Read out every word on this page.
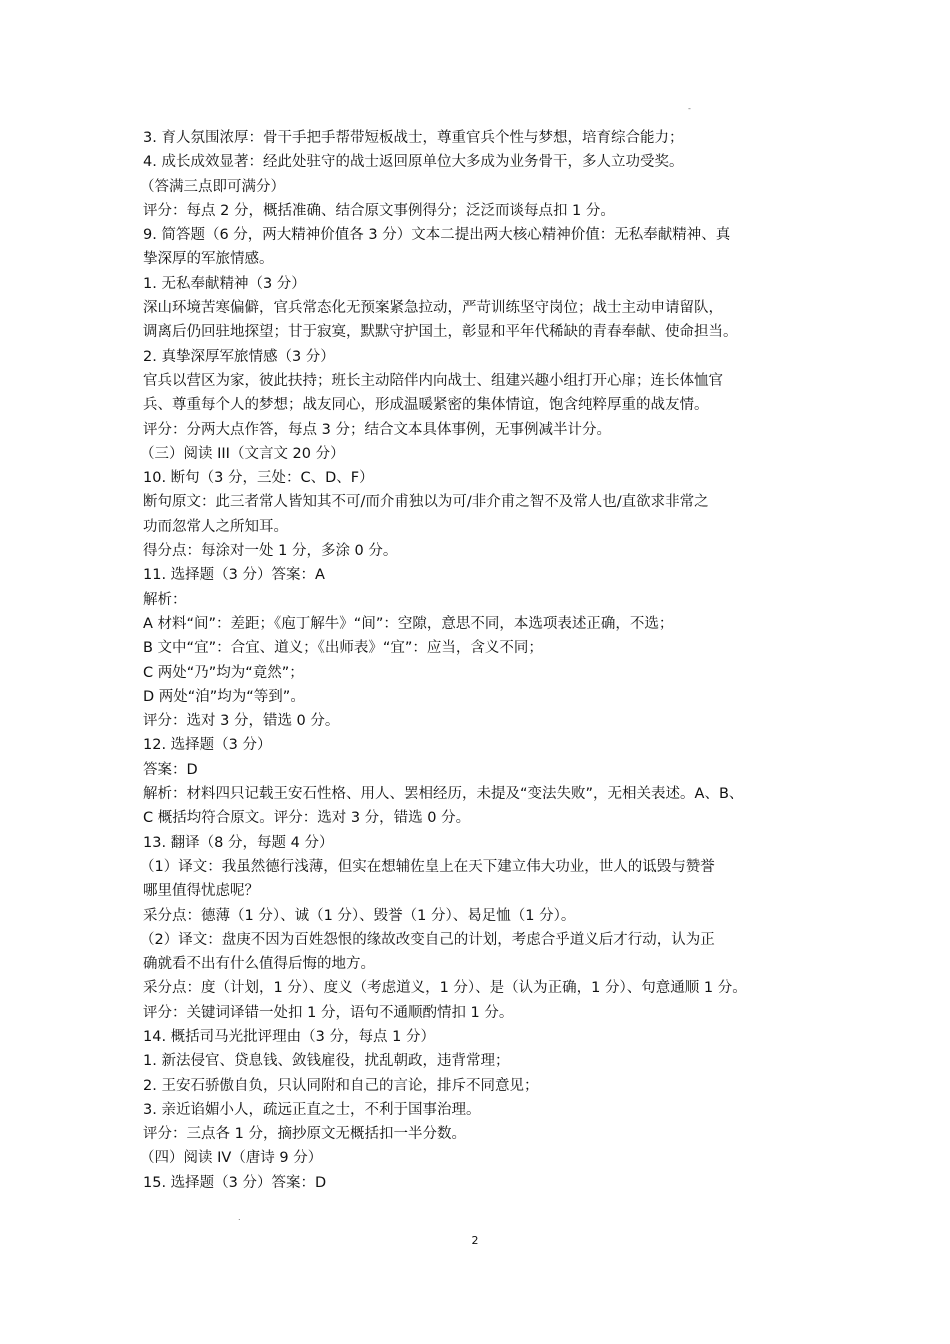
-
3. 育人氛围浓厚：骨干手把手帮带短板战士，尊重官兵个性与梦想，培育综合能力；
4. 成长成效显著：经此处驻守的战士返回原单位大多成为业务骨干，多人立功受奖。
（答满三点即可满分）
评分：每点 2 分，概括准确、结合原文事例得分；泛泛而谈每点扣 1 分。
9. 简答题（6 分，两大精神价值各 3 分）文本二提出两大核心精神价值：无私奉献精神、真
挚深厚的军旅情感。
1. 无私奉献精神（3 分）
深山环境苦寒偏僻，官兵常态化无预案紧急拉动，严苛训练坚守岗位；战士主动申请留队，
调离后仍回驻地探望；甘于寂寞，默默守护国土，彰显和平年代稀缺的青春奉献、使命担当。
2. 真挚深厚军旅情感（3 分）
官兵以营区为家，彼此扶持；班长主动陪伴内向战士、组建兴趣小组打开心扉；连长体恤官
兵、尊重每个人的梦想；战友同心，形成温暖紧密的集体情谊，饱含纯粹厚重的战友情。
评分：分两大点作答，每点 3 分；结合文本具体事例，无事例减半计分。
（三）阅读 III（文言文 20 分）
10. 断句（3 分，三处：C、D、F）
断句原文：此三者常人皆知其不可/而介甫独以为可/非介甫之智不及常人也/直欲求非常之
功而忽常人之所知耳。
得分点：每涂对一处 1 分，多涂 0 分。
11. 选择题（3 分）答案：A
解析：
A 材料“间”：差距；《庖丁解牛》“间”：空隙，意思不同，本选项表述正确，不选；
B 文中“宜”：合宜、道义；《出师表》“宜”：应当，含义不同；
C 两处“乃”均为“竟然”；
D 两处“洎”均为“等到”。
评分：选对 3 分，错选 0 分。
12. 选择题（3 分）
答案：D
解析：材料四只记载王安石性格、用人、罢相经历，未提及“变法失败”，无相关表述。A、B、
C 概括均符合原文。评分：选对 3 分，错选 0 分。
13. 翻译（8 分，每题 4 分）
（1）译文：我虽然德行浅薄，但实在想辅佐皇上在天下建立伟大功业，世人的诋毁与赞誉
哪里值得忧虑呢？
采分点：德薄（1 分）、诚（1 分）、毁誉（1 分）、曷足恤（1 分）。
（2）译文：盘庚不因为百姓怨恨的缘故改变自己的计划，考虑合乎道义后才行动，认为正
确就看不出有什么值得后悔的地方。
采分点：度（计划，1 分）、度义（考虑道义，1 分）、是（认为正确，1 分）、句意通顺 1 分。
评分：关键词译错一处扣 1 分，语句不通顺酌情扣 1 分。
14. 概括司马光批评理由（3 分，每点 1 分）
1. 新法侵官、贷息钱、敛钱雇役，扰乱朝政，违背常理；
2. 王安石骄傲自负，只认同附和自己的言论，排斥不同意见；
3. 亲近谄媚小人，疏远正直之士，不利于国事治理。
评分：三点各 1 分，摘抄原文无概括扣一半分数。
（四）阅读 IV（唐诗 9 分）
15. 选择题（3 分）答案：D
.
2
